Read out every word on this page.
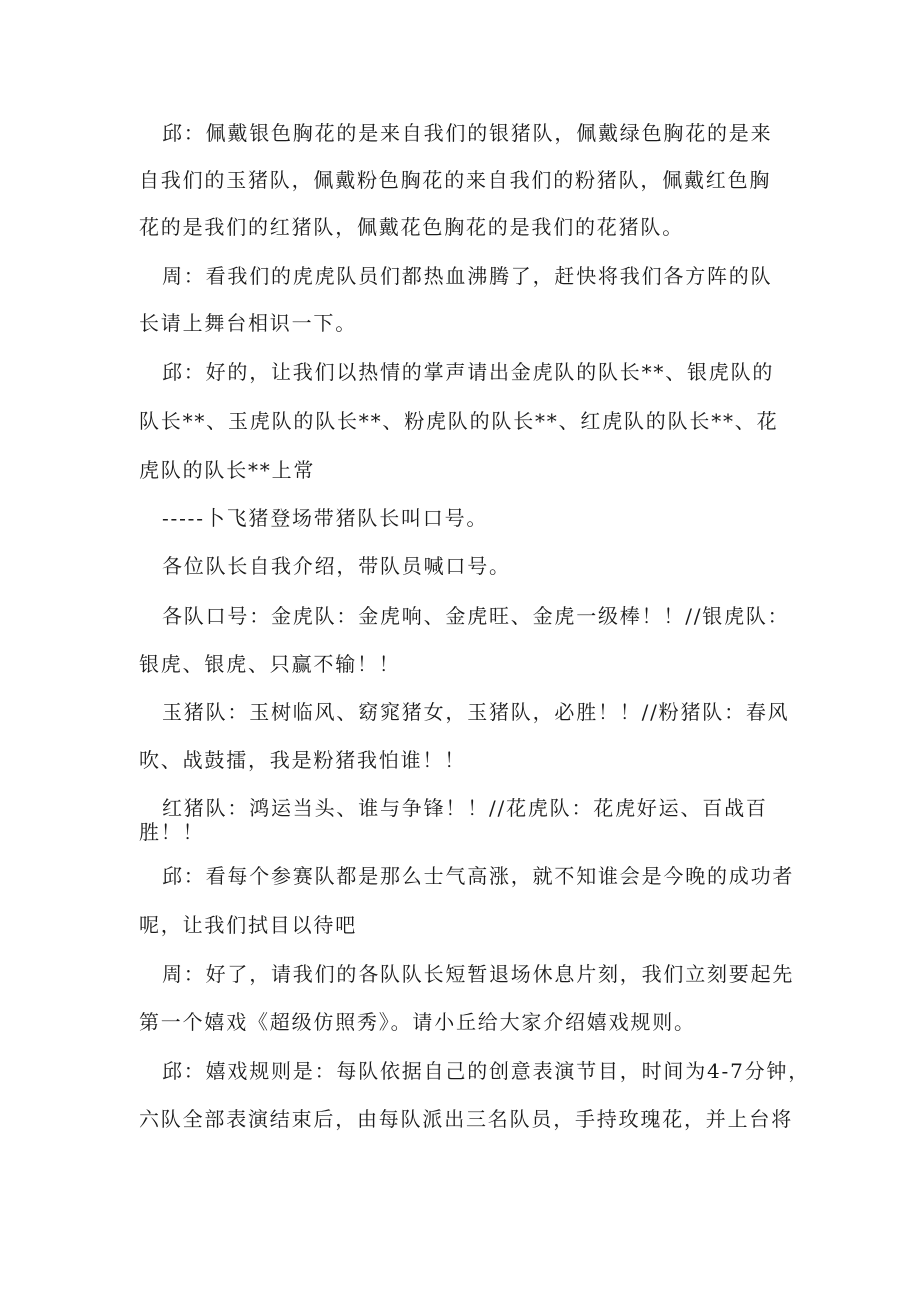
邱：佩戴银色胸花的是来自我们的银猪队，佩戴绿色胸花的是来
自我们的玉猪队，佩戴粉色胸花的来自我们的粉猪队，佩戴红色胸
花的是我们的红猪队，佩戴花色胸花的是我们的花猪队。
周：看我们的虎虎队员们都热血沸腾了，赶快将我们各方阵的队
长请上舞台相识一下。
邱：好的，让我们以热情的掌声请出金虎队的队长**、银虎队的
队长**、玉虎队的队长**、粉虎队的队长**、红虎队的队长**、花
虎队的队长**上常
-----卜飞猪登场带猪队长叫口号。
各位队长自我介绍，带队员喊口号。
各队口号：金虎队：金虎响、金虎旺、金虎一级棒！！//银虎队：
银虎、银虎、只赢不输！！
玉猪队：玉树临风、窈窕猪女，玉猪队，必胜！！//粉猪队：春风
吹、战鼓擂，我是粉猪我怕谁！！
红猪队：鸿运当头、谁与争锋！！//花虎队：花虎好运、百战百
胜！！
邱：看每个参赛队都是那么士气高涨，就不知谁会是今晚的成功者
呢，让我们拭目以待吧
周：好了，请我们的各队队长短暂退场休息片刻，我们立刻要起先
第一个嬉戏《超级仿照秀》。请小丘给大家介绍嬉戏规则。
邱：嬉戏规则是：每队依据自己的创意表演节目，时间为4-7分钟，
六队全部表演结束后，由每队派出三名队员，手持玫瑰花，并上台将
